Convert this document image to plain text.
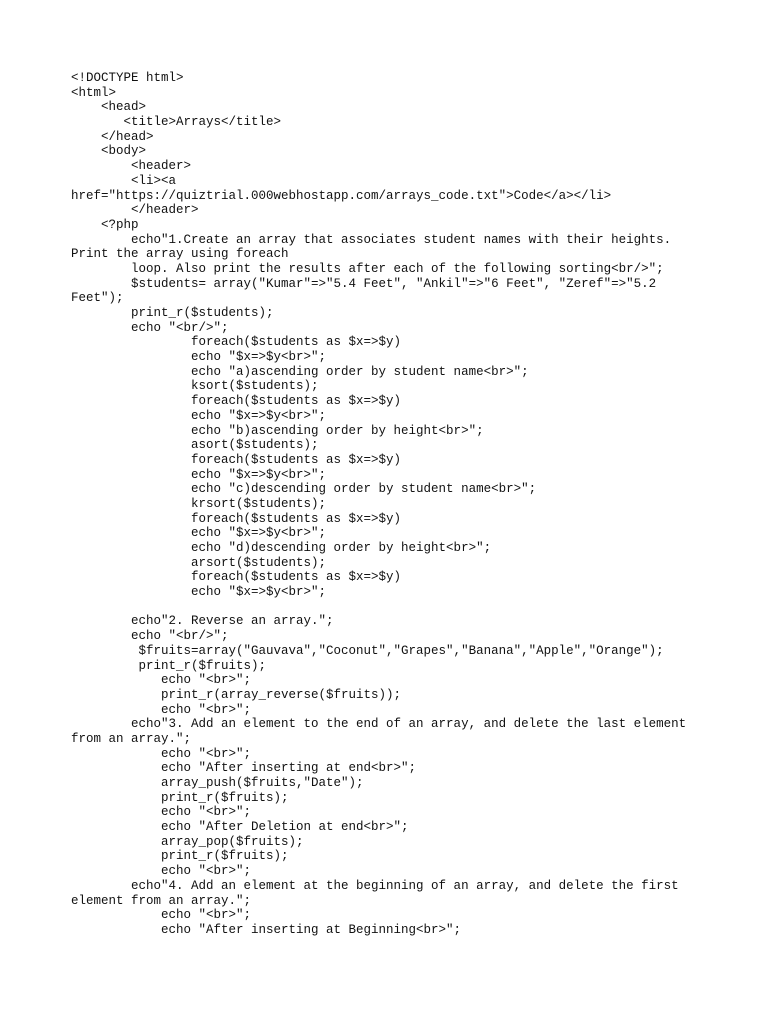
<!DOCTYPE html>
<html>
<head>
<title>Arrays</title>
</head>
<body>
<header>
<li><a
href="https://quiztrial.000webhostapp.com/arrays_code.txt">Code</a></li>
</header>
<?php
echo"1.Create an array that associates student names with their heights.
Print the array using foreach
loop. Also print the results after each of the following sorting<br/>";
$students= array("Kumar"=>"5.4 Feet", "Ankil"=>"6 Feet", "Zeref"=>"5.2
Feet");
print_r($students);
echo "<br/>";
foreach($students as $x=>$y)
echo "$x=>$y<br>";
echo "a)ascending order by student name<br>";
ksort($students);
foreach($students as $x=>$y)
echo "$x=>$y<br>";
echo "b)ascending order by height<br>";
asort($students);
foreach($students as $x=>$y)
echo "$x=>$y<br>";
echo "c)descending order by student name<br>";
krsort($students);
foreach($students as $x=>$y)
echo "$x=>$y<br>";
echo "d)descending order by height<br>";
arsort($students);
foreach($students as $x=>$y)
echo "$x=>$y<br>";
echo"2. Reverse an array.";
echo "<br/>";
$fruits=array("Gauvava","Coconut","Grapes","Banana","Apple","Orange");
print_r($fruits);
echo "<br>";
print_r(array_reverse($fruits));
echo "<br>";
echo"3. Add an element to the end of an array, and delete the last element
from an array.";
echo "<br>";
echo "After inserting at end<br>";
array_push($fruits,"Date");
print_r($fruits);
echo "<br>";
echo "After Deletion at end<br>";
array_pop($fruits);
print_r($fruits);
echo "<br>";
echo"4. Add an element at the beginning of an array, and delete the first
element from an array.";
echo "<br>";
echo "After inserting at Beginning<br>";
